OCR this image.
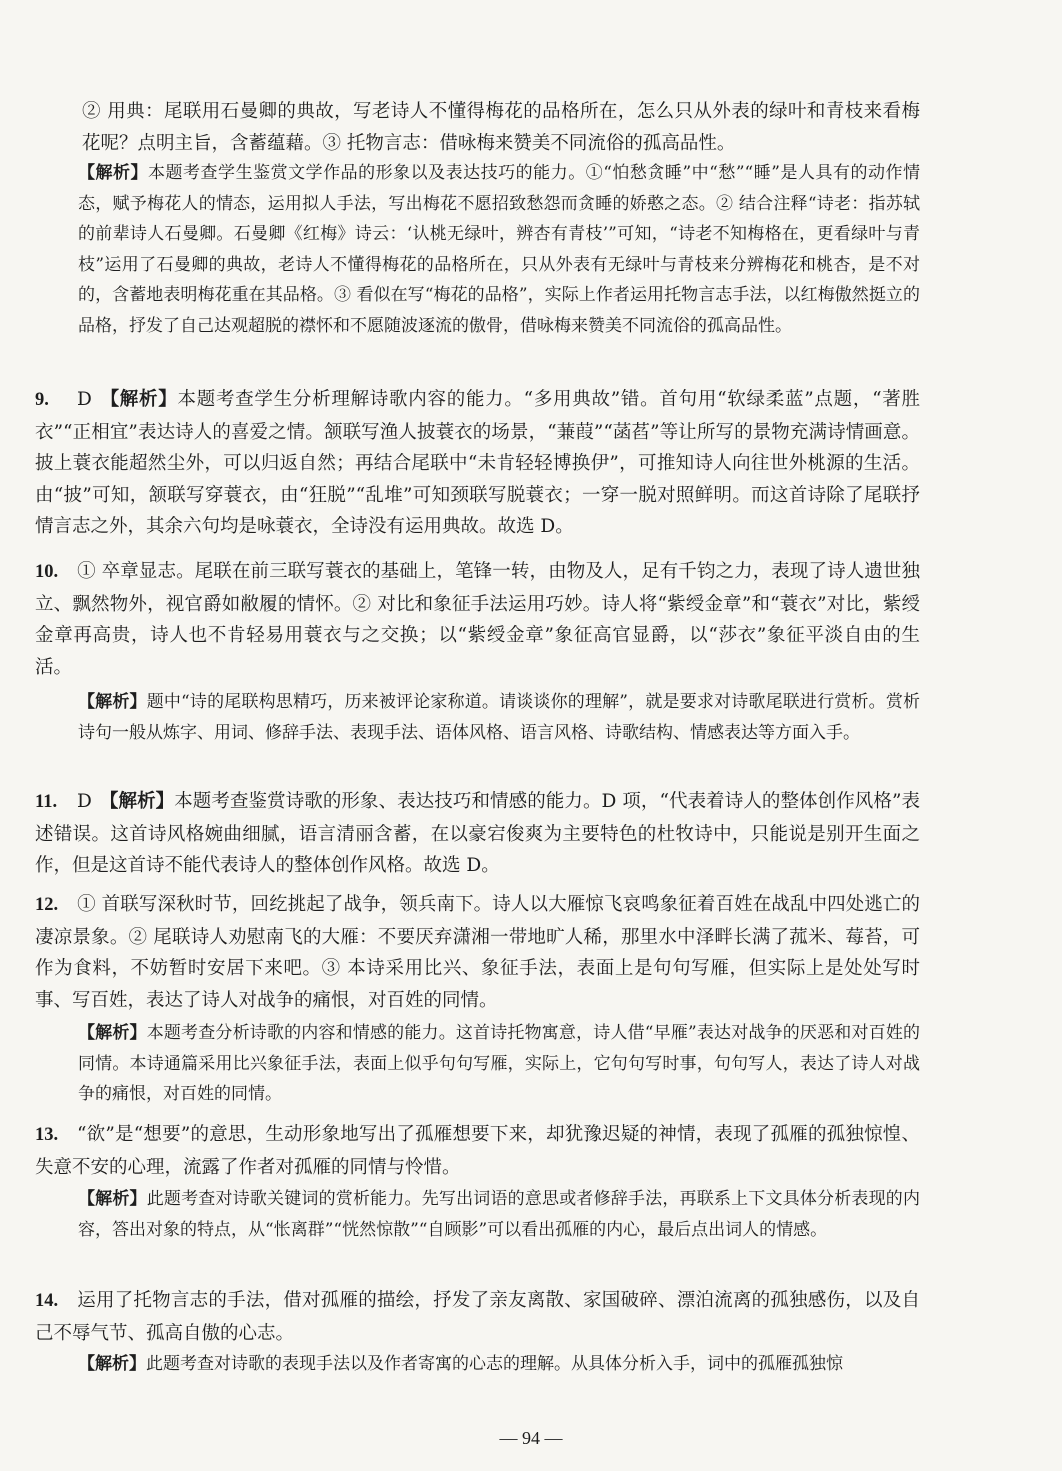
② 用典：尾联用石曼卿的典故，写老诗人不懂得梅花的品格所在，怎么只从外表的绿叶和青枝来看梅花呢？点明主旨，含蓄蕴藉。③ 托物言志：借咏梅来赞美不同流俗的孤高品性。
【解析】本题考查学生鉴赏文学作品的形象以及表达技巧的能力。①“怕愁贪睡”中“愁”“睡”是人具有的动作情态，赋予梅花人的情态，运用拟人手法，写出梅花不愿招致愁怨而贪睡的娇憨之态。② 结合注释“诗老：指苏轼的前辈诗人石曼卿。石曼卿《红梅》诗云：‘认桃无绿叶，辨杏有青枝’”可知，“诗老不知梅格在，更看绿叶与青枝”运用了石曼卿的典故，老诗人不懂得梅花的品格所在，只从外表有无绿叶与青枝来分辨梅花和桃杏，是不对的，含蓄地表明梅花重在其品格。③ 看似在写“梅花的品格”，实际上作者运用托物言志手法，以红梅傲然挺立的品格，抒发了自己达观超脱的襟怀和不愿随波逐流的傲骨，借咏梅来赞美不同流俗的孤高品性。
9. D 【解析】本题考查学生分析理解诗歌内容的能力。“多用典故”错。首句用“软绿柔蓝”点题，“著胜衣”“正相宜”表达诗人的喜爱之情。颔联写渔人披蓑衣的场景，“蒹葭”“菡萏”等让所写的景物充满诗情画意。披上蓑衣能超然尘外，可以归返自然；再结合尾联中“未肯轻轻博换伊”，可推知诗人向往世外桃源的生活。由“披”可知，颔联写穿蓑衣，由“狂脱”“乱堆”可知颈联写脱蓑衣；一穿一脱对照鲜明。而这首诗除了尾联抒情言志之外，其余六句均是咏蓑衣，全诗没有运用典故。故选 D。
10. ① 卒章显志。尾联在前三联写蓑衣的基础上，笔锋一转，由物及人，足有千钧之力，表现了诗人遗世独立、飘然物外，视官爵如敝履的情怀。② 对比和象征手法运用巧妙。诗人将“紫绶金章”和“蓑衣”对比，紫绶金章再高贵，诗人也不肯轻易用蓑衣与之交换；以“紫绶金章”象征高官显爵，以“莎衣”象征平淡自由的生活。
【解析】题中“诗的尾联构思精巧，历来被评论家称道。请谈谈你的理解”，就是要求对诗歌尾联进行赏析。赏析诗句一般从炼字、用词、修辞手法、表现手法、语体风格、语言风格、诗歌结构、情感表达等方面入手。
11. D 【解析】本题考查鉴赏诗歌的形象、表达技巧和情感的能力。D 项，“代表着诗人的整体创作风格”表述错误。这首诗风格婉曲细腻，语言清丽含蓄，在以豪宕俊爽为主要特色的杜牧诗中，只能说是别开生面之作，但是这首诗不能代表诗人的整体创作风格。故选 D。
12. ① 首联写深秋时节，回纥挑起了战争，领兵南下。诗人以大雁惊飞哀鸣象征着百姓在战乱中四处逃亡的凄凉景象。② 尾联诗人劝慰南飞的大雁：不要厌弃潇湘一带地旷人稀，那里水中泽畔长满了菰米、莓苔，可作为食料，不妨暂时安居下来吧。③ 本诗采用比兴、象征手法，表面上是句句写雁，但实际上是处处写时事、写百姓，表达了诗人对战争的痛恨，对百姓的同情。
【解析】本题考查分析诗歌的内容和情感的能力。这首诗托物寓意，诗人借“早雁”表达对战争的厌恶和对百姓的同情。本诗通篇采用比兴象征手法，表面上似乎句句写雁，实际上，它句句写时事，句句写人，表达了诗人对战争的痛恨，对百姓的同情。
13. “欲”是“想要”的意思，生动形象地写出了孤雁想要下来，却犹豫迟疑的神情，表现了孤雁的孤独惊惶、失意不安的心理，流露了作者对孤雁的同情与怜惜。
【解析】此题考查对诗歌关键词的赏析能力。先写出词语的意思或者修辞手法，再联系上下文具体分析表现的内容，答出对象的特点，从“怅离群”“恍然惊散”“自顾影”可以看出孤雁的内心，最后点出词人的情感。
14. 运用了托物言志的手法，借对孤雁的描绘，抒发了亲友离散、家国破碎、漂泊流离的孤独感伤，以及自己不辱气节、孤高自傲的心志。
【解析】此题考查对诗歌的表现手法以及作者寄寓的心志的理解。从具体分析入手，词中的孤雁孤独惊
— 94 —
